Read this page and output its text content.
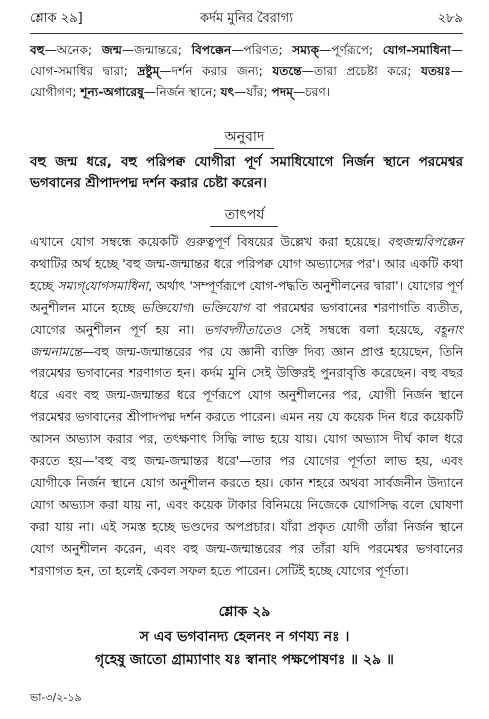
শ্লোক ২৯]	কর্দম মুনির বৈরাগ্য	২৮৯
বহু—অনেক; জন্ম—জন্মান্তরে; বিপক্কেন—পরিণত; সম্যক্‌—পূর্ণরূপে; যোগ-সমাধিনা—যোগ-সমাধির দ্বারা; দ্রষ্টুম্—দর্শন করার জন্য; যতন্তে—তারা প্রচেষ্টা করে; যতয়ঃ—যোগীগণ; শূন্য-অগারেষু—নির্জন স্থানে; যৎ—যাঁর; পদম্—চরণ।
অনুবাদ
বহু জন্ম ধরে, বহু পরিপক্ব যোগীরা পূর্ণ সমাধিযোগে নির্জন স্থানে পরমেশ্বর ভগবানের শ্রীপাদপদ্ম দর্শন করার চেষ্টা করেন।
তাৎপর্য
এখানে যোগ সম্বন্ধে কয়েকটি গুরুত্বপূর্ণ বিষয়ের উল্লেখ করা হয়েছে। বহুজন্মবিপক্কেন কথাটির অর্থ হচ্ছে 'বহু জন্ম-জন্মান্তর ধরে পরিপক্ব যোগ অভ্যাসের পর'। আর একটি কথা হচ্ছে সম্যগ্‌যোগসমাধিনা, অর্থাৎ 'সম্পূর্ণরূপে যোগ-পদ্ধতি অনুশীলনের দ্বারা'। যোগের পূর্ণ অনুশীলন মানে হচ্ছে ভক্তিযোগ। ভক্তিযোগ বা পরমেশ্বর ভগবানের শরণাগতি ব্যতীত, যোগের অনুশীলন পূর্ণ হয় না। ভগবদ্গীতাতেও সেই সম্বন্ধে বলা হয়েছে, বহূনাং জন্মনামন্তে—বহু জন্ম-জন্মান্তরের পর যে জ্ঞানী ব্যক্তি দিব্য জ্ঞান প্রাপ্ত হয়েছেন, তিনি পরমেশ্বর ভগবানের শরণাগত হন। কর্দম মুনি সেই উক্তিরই পুনরাবৃত্তি করেছেন। বহু বছর ধরে এবং বহু জন্ম-জন্মান্তর ধরে পূর্ণরূপে যোগ অনুশীলনের পর, যোগী নির্জন স্থানে পরমেশ্বর ভগবানের শ্রীপাদপদ্ম দর্শন করতে পারেন। এমন নয় যে কয়েক দিন ধরে কয়েকটি আসন অভ্যাস করার পর, তৎক্ষণাৎ সিদ্ধি লাভ হয়ে যায়। যোগ অভ্যাস দীর্ঘ কাল ধরে করতে হয়—'বহু বহু জন্ম-জন্মান্তর ধরে'—তার পর যোগের পূর্ণতা লাভ হয়, এবং যোগীকে নির্জন স্থানে যোগ অনুশীলন করতে হয়। কোন শহরে অথবা সার্বজনীন উদ্যানে যোগ অভ্যাস করা যায় না, এবং কয়েক টাকার বিনিময়ে নিজেকে যোগসিদ্ধ বলে ঘোষণা করা যায় না। এই সমস্ত হচ্ছে ভণ্ডদের অপপ্রচার। যাঁরা প্রকৃত যোগী তাঁরা নির্জন স্থানে যোগ অনুশীলন করেন, এবং বহু জন্ম-জন্মান্তরের পর তাঁরা যদি পরমেশ্বর ভগবানের শরণাগত হন, তা হলেই কেবল সফল হতে পারেন। সেটিই হচ্ছে যোগের পূর্ণতা।
শ্লোক ২৯
স এব ভগবানদ্য হেলনং ন গণয্য নঃ ।
গৃহেষু জাতো গ্রাম্যাণাং যঃ স্বানাং পক্ষপোষণঃ ॥ ২৯ ॥
ভা-৩/২-১৯
